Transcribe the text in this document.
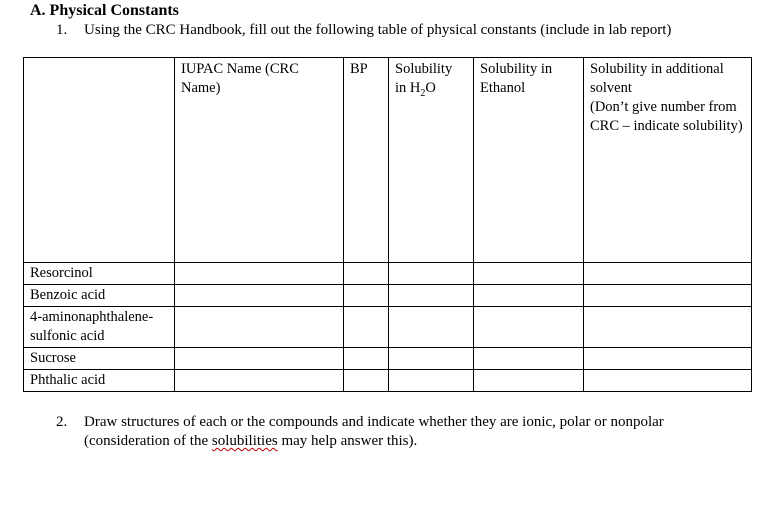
A. Physical Constants
1. Using the CRC Handbook, fill out the following table of physical constants (include in lab report)
	IUPAC Name (CRC Name)	BP	Solubility in $H_2O$	Solubility in Ethanol	Solubility in additional solvent
(Don’t give number from CRC – indicate solubility)

Resorcinol					
Benzoic acid					
4-aminonaphthalene-sulfonic acid					
Sucrose					
Phthalic acid					
2. Draw structures of each or the compounds and indicate whether they are ionic, polar or nonpolar
(consideration of the solubilities may help answer this).
